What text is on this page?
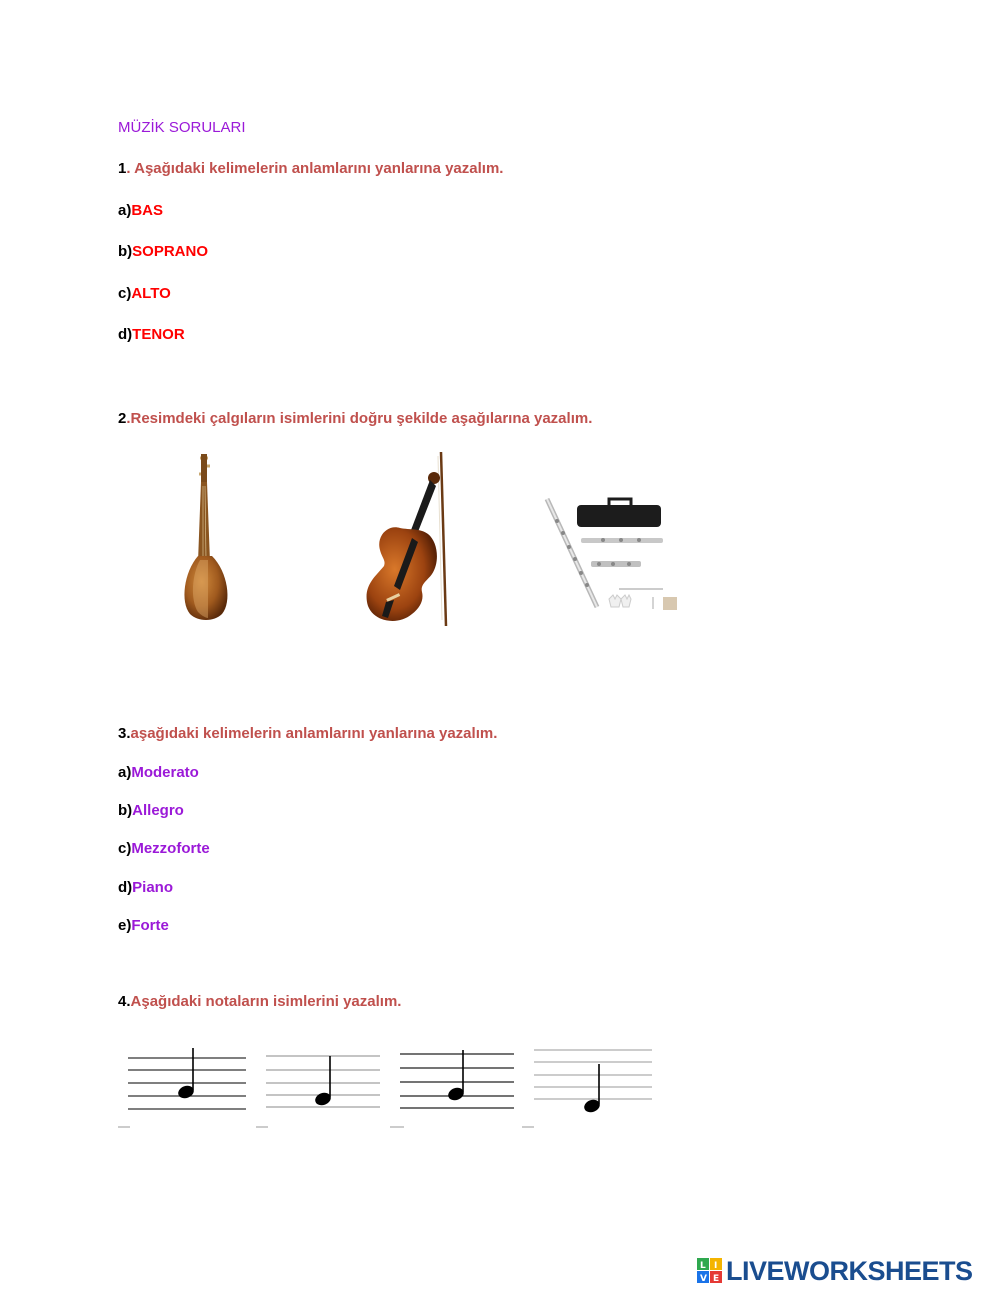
MÜZİK SORULARI
1. Aşağıdaki kelimelerin anlamlarını yanlarına yazalım.
a)BAS
b)SOPRANO
c)ALTO
d)TENOR
2.Resimdeki çalgıların isimlerini doğru şekilde aşağılarına yazalım.
3.aşağıdaki kelimelerin anlamlarını yanlarına yazalım.
a)Moderato
b)Allegro
c)Mezzoforte
d)Piano
e)Forte
4.Aşağıdaki notaların isimlerini yazalım.
L I
V E LIVEWORKSHEETS
